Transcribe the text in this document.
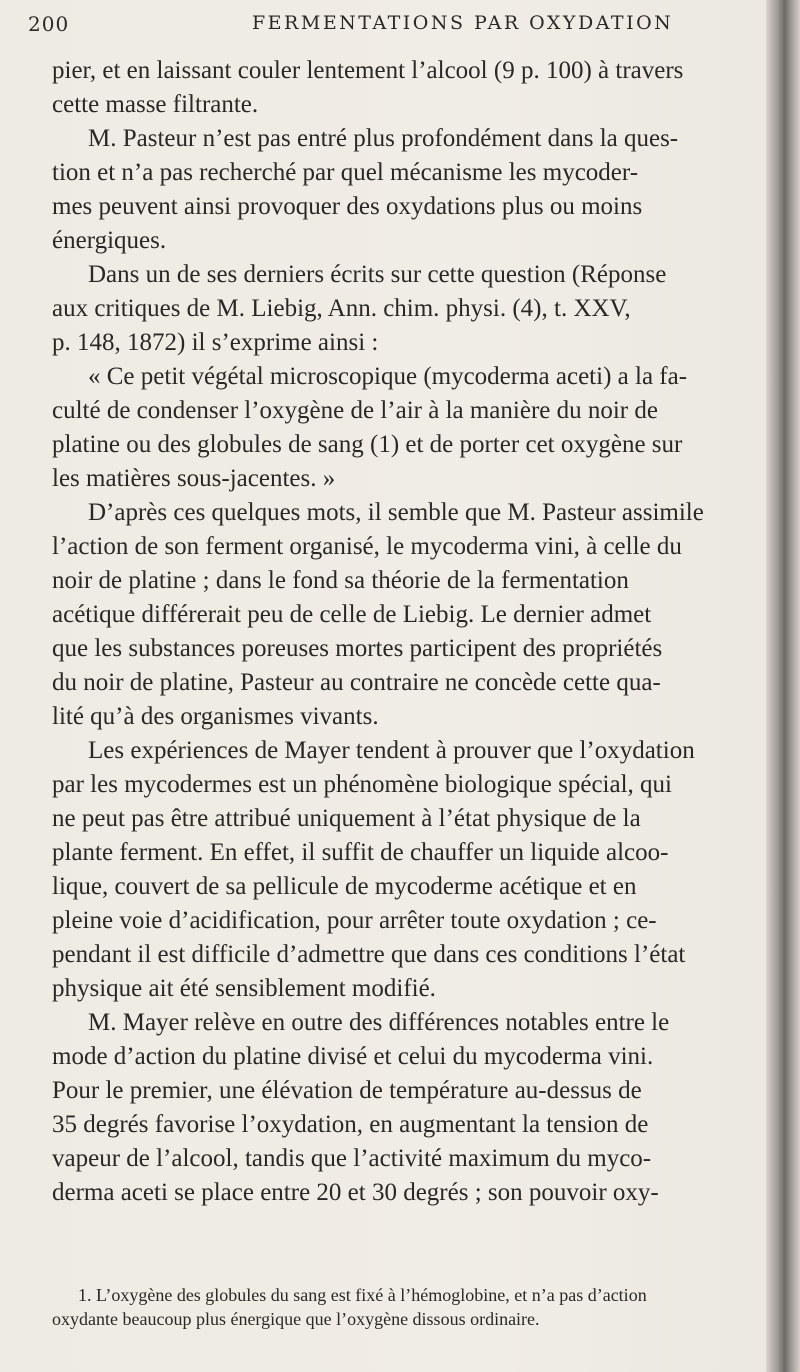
200	FERMENTATIONS PAR OXYDATION
pier, et en laissant couler lentement l’alcool (9 p. 100) à travers
cette masse filtrante.
M. Pasteur n’est pas entré plus profondément dans la ques-
tion et n’a pas recherché par quel mécanisme les mycoder-
mes peuvent ainsi provoquer des oxydations plus ou moins
énergiques.
Dans un de ses derniers écrits sur cette question (Réponse
aux critiques de M. Liebig, Ann. chim. physi. (4), t. XXV,
p. 148, 1872) il s’exprime ainsi :
« Ce petit végétal microscopique (mycoderma aceti) a la fa-
culté de condenser l’oxygène de l’air à la manière du noir de
platine ou des globules de sang (1) et de porter cet oxygène sur
les matières sous-jacentes. »
D’après ces quelques mots, il semble que M. Pasteur assimile
l’action de son ferment organisé, le mycoderma vini, à celle du
noir de platine ; dans le fond sa théorie de la fermentation
acétique différerait peu de celle de Liebig. Le dernier admet
que les substances poreuses mortes participent des propriétés
du noir de platine, Pasteur au contraire ne concède cette qua-
lité qu’à des organismes vivants.
Les expériences de Mayer tendent à prouver que l’oxydation
par les mycodermes est un phénomène biologique spécial, qui
ne peut pas être attribué uniquement à l’état physique de la
plante ferment. En effet, il suffit de chauffer un liquide alcoo-
lique, couvert de sa pellicule de mycoderme acétique et en
pleine voie d’acidification, pour arrêter toute oxydation ; ce-
pendant il est difficile d’admettre que dans ces conditions l’état
physique ait été sensiblement modifié.
M. Mayer relève en outre des différences notables entre le
mode d’action du platine divisé et celui du mycoderma vini.
Pour le premier, une élévation de température au-dessus de
35 degrés favorise l’oxydation, en augmentant la tension de
vapeur de l’alcool, tandis que l’activité maximum du myco-
derma aceti se place entre 20 et 30 degrés ; son pouvoir oxy-
1. L’oxygène des globules du sang est fixé à l’hémoglobine, et n’a pas d’action
oxydante beaucoup plus énergique que l’oxygène dissous ordinaire.
